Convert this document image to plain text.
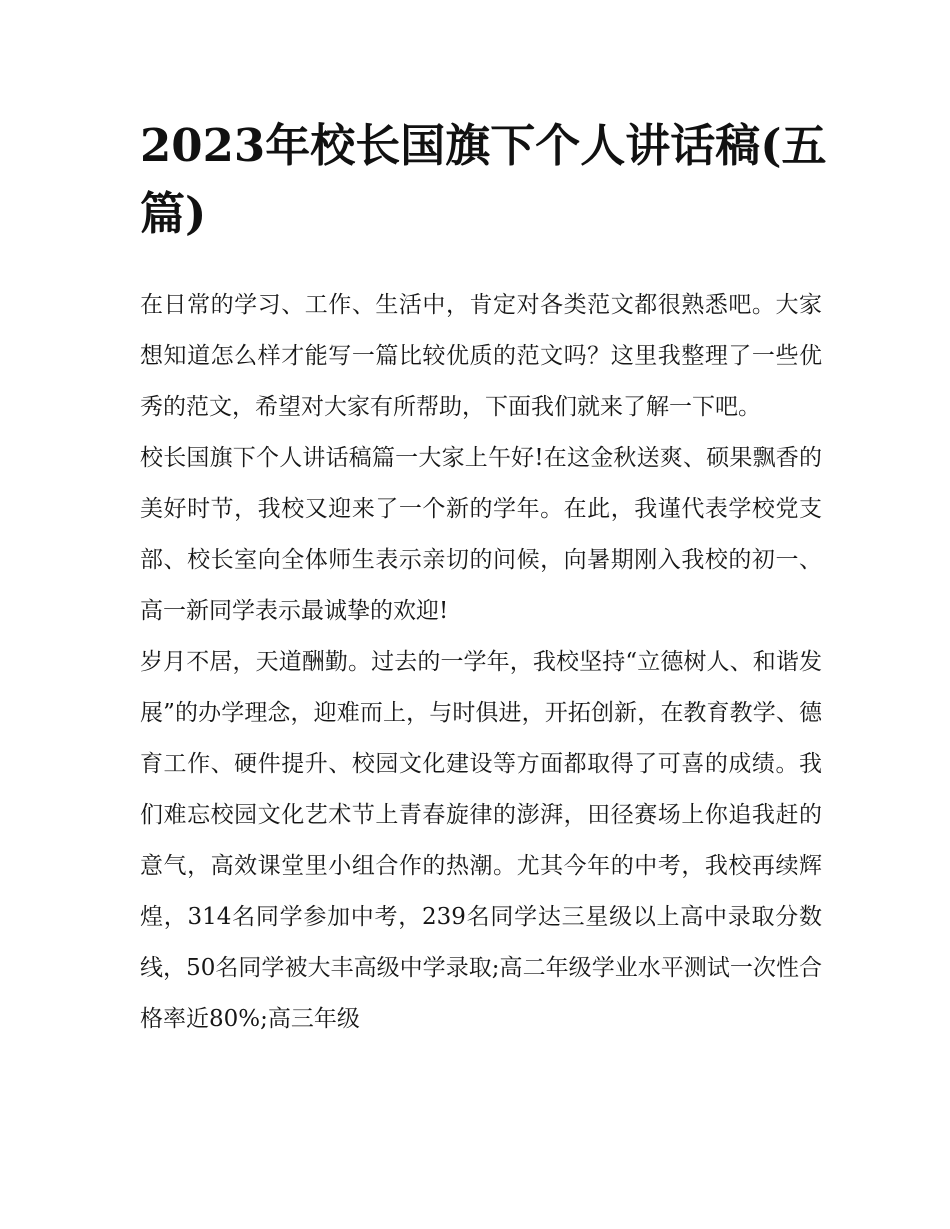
2023年校长国旗下个人讲话稿(五篇)

在日常的学习、工作、生活中，肯定对各类范文都很熟悉吧。大家想知道怎么样才能写一篇比较优质的范文吗？这里我整理了一些优秀的范文，希望对大家有所帮助，下面我们就来了解一下吧。

校长国旗下个人讲话稿篇一大家上午好!在这金秋送爽、硕果飘香的美好时节，我校又迎来了一个新的学年。在此，我谨代表学校党支部、校长室向全体师生表示亲切的问候，向暑期刚入我校的初一、高一新同学表示最诚挚的欢迎!

岁月不居，天道酬勤。过去的一学年，我校坚持“立德树人、和谐发展”的办学理念，迎难而上，与时俱进，开拓创新，在教育教学、德育工作、硬件提升、校园文化建设等方面都取得了可喜的成绩。我们难忘校园文化艺术节上青春旋律的澎湃，田径赛场上你追我赶的意气，高效课堂里小组合作的热潮。尤其今年的中考，我校再续辉煌，314名同学参加中考，239名同学达三星级以上高中录取分数线，50名同学被大丰高级中学录取;高二年级学业水平测试一次性合格率近80%;高三年级
